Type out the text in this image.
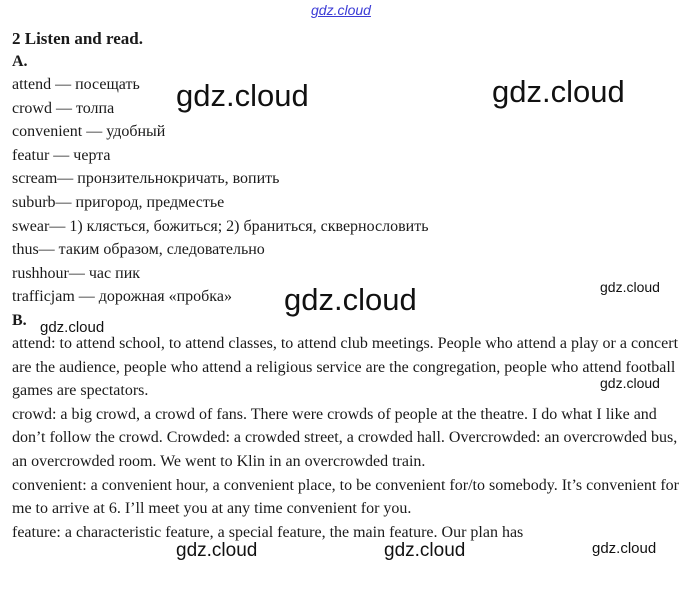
gdz.cloud
2 Listen and read.
A.
attend — посещать
crowd — толпа
convenient — удобный
featur — черта
scream— пронзительнокричать, вопить
suburb— пригород, предместье
swear— 1) клясться, божиться; 2) браниться, сквернословить
thus— таким образом, следовательно
rushhour— час пик
trafficjam — дорожная «пробка»
B.

attend: to attend school, to attend classes, to attend club meetings. People who attend a play or a concert are the audience, people who attend a religious service are the congregation, people who attend football games are spectators.

crowd: a big crowd, a crowd of fans. There were crowds of people at the theatre. I do what I like and don’t follow the crowd. Crowded: a crowded street, a crowded hall. Overcrowded: an overcrowded bus, an overcrowded room. We went to Klin in an overcrowded train.

convenient: a convenient hour, a convenient place, to be convenient for/to somebody. It’s convenient for me to arrive at 6. I’ll meet you at any time convenient for you.

feature: a characteristic feature, a special feature, the main feature. Our plan has

gdz.cloud	gdz.cloud
gdz.cloud	gdz.cloud
gdz.cloud
gdz.cloud
gdz.cloud	gdz.cloud	gdz.cloud
